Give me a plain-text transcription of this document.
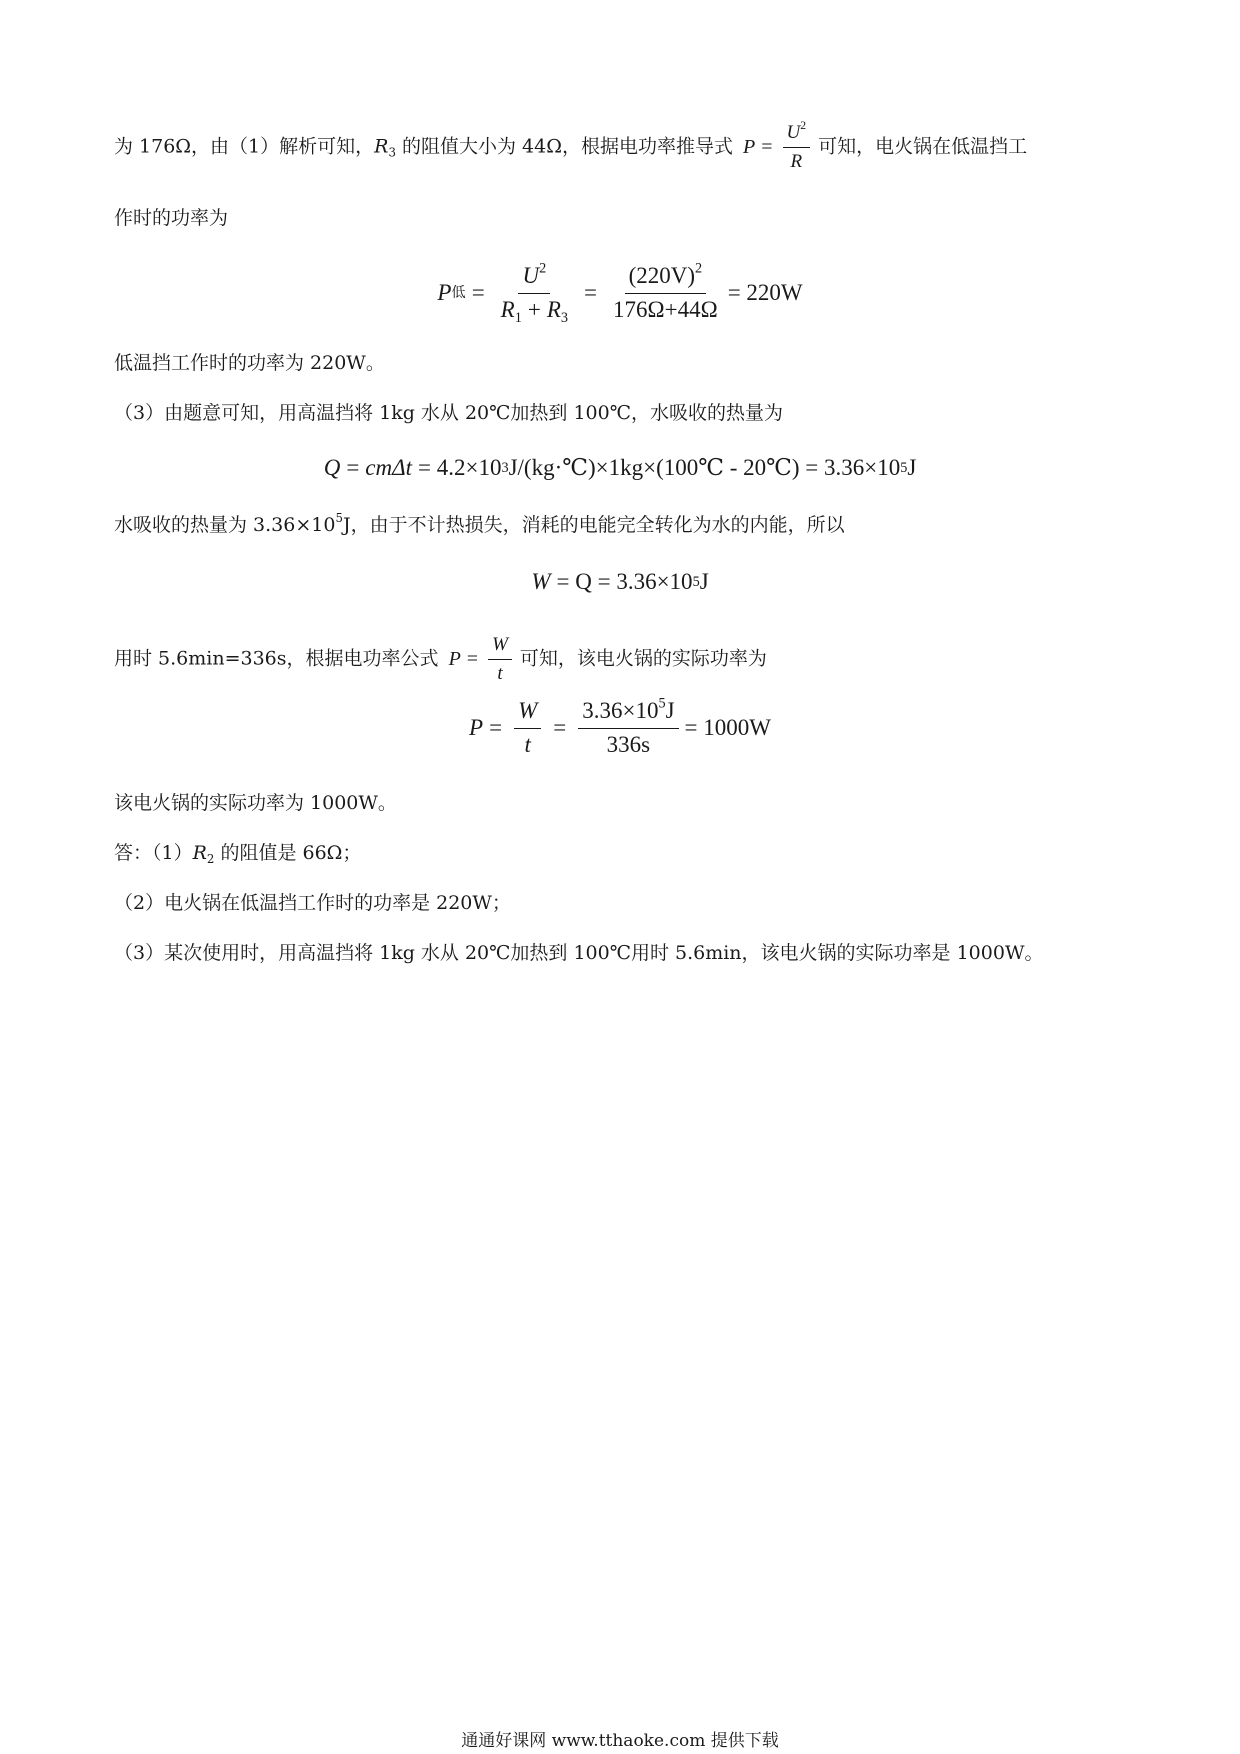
为 176Ω，由（1）解析可知，$R_3$ 的阻值大小为 44Ω，根据电功率推导式 $P = \frac{U^2}{R}$ 可知，电火锅在低温挡工
作时的功率为
P 低 = $\frac{U^2}{R_1 + R_3} = \frac{(220V)^2}{176\Omega+44\Omega} = 220W$
低温挡工作时的功率为 220W。
（3）由题意可知，用高温挡将 1kg 水从 20℃加热到 100℃，水吸收的热量为
Q = cmΔt = 4.2×10 3 J/(kg·℃)×1kg×(100℃ - 20℃) = 3.36×10 5 J
水吸收的热量为 $3.36\times 10^5J$，由于不计热损失，消耗的电能完全转化为水的内能，所以
W = Q = 3.36×10 5 J
用时 5.6min=336s，根据电功率公式 $P = \frac{W}{t}$ 可知，该电火锅的实际功率为
$P = \frac{W}{t} = \frac{3.36\times 10^5J}{336s} = 1000W$
该电火锅的实际功率为 1000W。
答：$(1)R_2$ 的阻值是 66Ω；
（2）电火锅在低温挡工作时的功率是 220W；
（3）某次使用时，用高温挡将 1kg 水从 20℃加热到 100℃用时 5.6min，该电火锅的实际功率是 1000W。
通通好课网 www.tthaoke.com 提供下载
